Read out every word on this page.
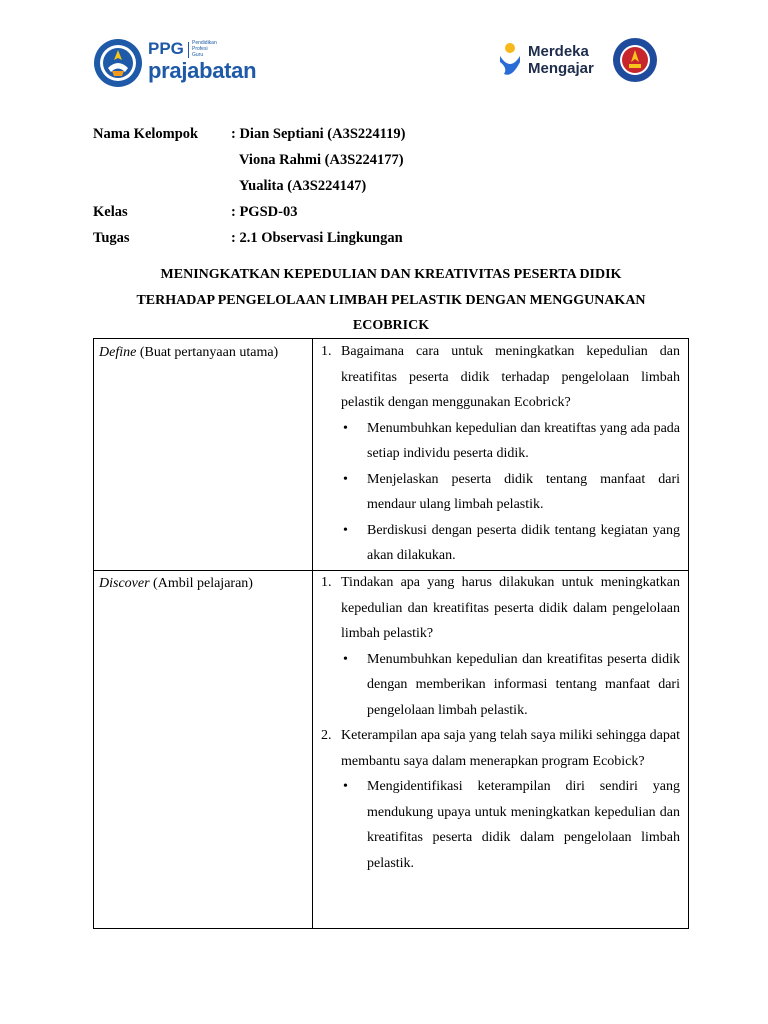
PPG Pendidikan
Profesi
Guru
prajabatan
Merdeka
Mengajar
Nama Kelompok : Dian Septiani (A3S224119)
Viona Rahmi (A3S224177)
Yualita (A3S224147)
Kelas	: PGSD-03
Tugas	: 2.1 Observasi Lingkungan
MENINGKATKAN KEPEDULIAN DAN KREATIVITAS PESERTA DIDIK
TERHADAP PENGELOLAAN LIMBAH PELASTIK DENGAN MENGGUNAKAN
ECOBRICK
Define (Buat pertanyaan utama)	1. Bagaimana cara untuk meningkatkan kepedulian dan kreatifitas peserta didik terhadap pengelolaan limbah pelastik dengan menggunakan Ecobrick?
• Menumbuhkan kepedulian dan kreatiftas yang ada pada setiap individu peserta didik.
• Menjelaskan peserta didik tentang manfaat dari mendaur ulang limbah pelastik.
• Berdiskusi dengan peserta didik tentang kegiatan yang akan dilakukan.
Discover (Ambil pelajaran)	1. Tindakan apa yang harus dilakukan untuk meningkatkan kepedulian dan kreatifitas peserta didik dalam pengelolaan limbah pelastik?
• Menumbuhkan kepedulian dan kreatifitas peserta didik dengan memberikan informasi tentang manfaat dari pengelolaan limbah pelastik.
2. Keterampilan apa saja yang telah saya miliki sehingga dapat membantu saya dalam menerapkan program Ecobick?
• Mengidentifikasi keterampilan diri sendiri yang mendukung upaya untuk meningkatkan kepedulian dan kreatifitas peserta didik dalam pengelolaan limbah pelastik.
